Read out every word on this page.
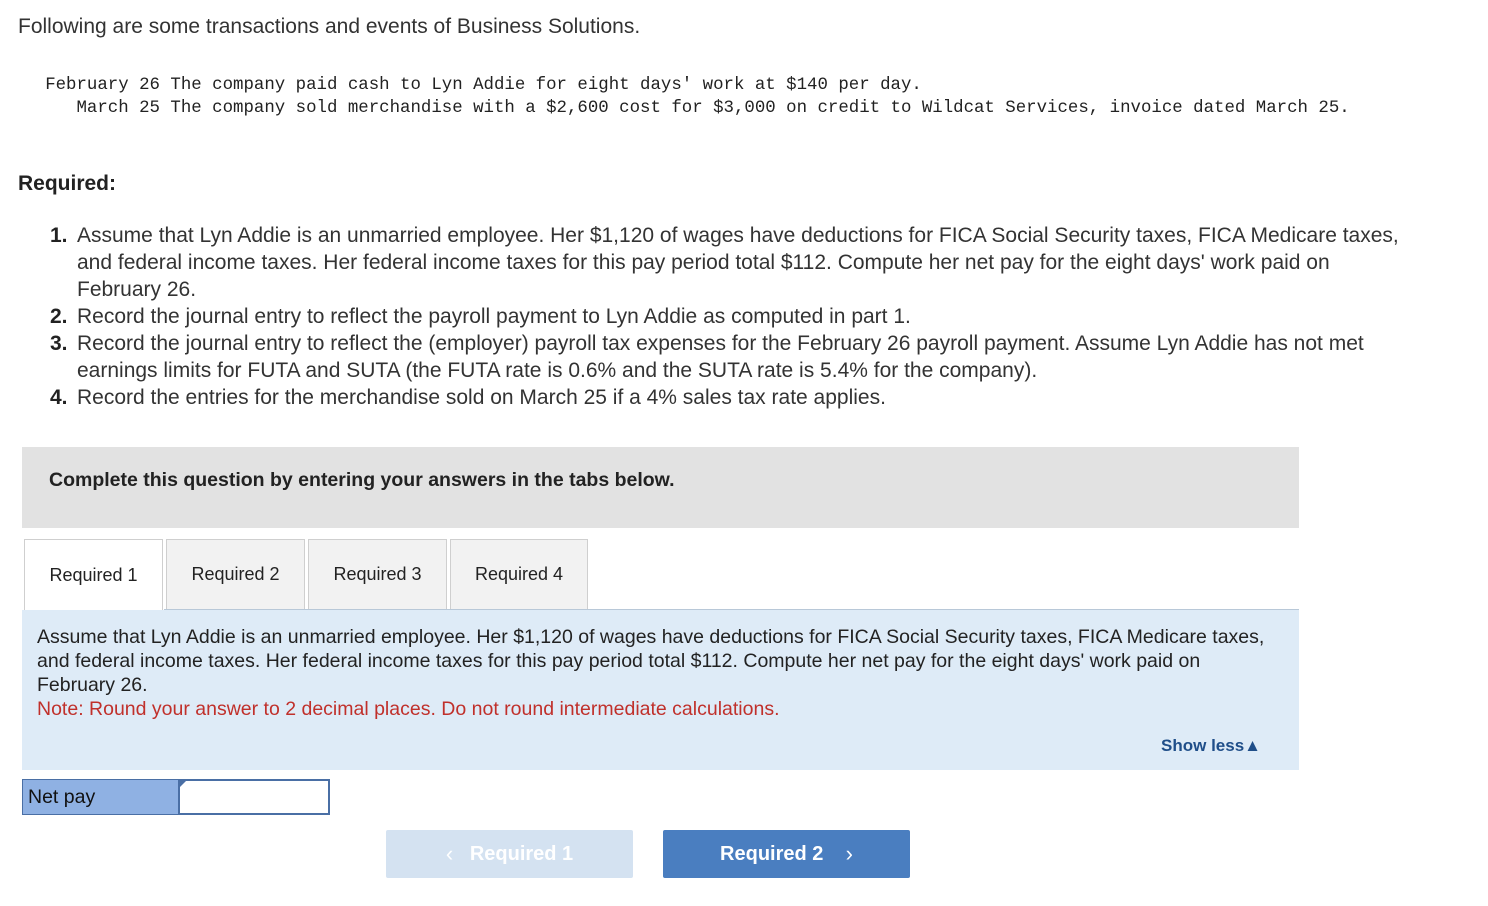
Following are some transactions and events of Business Solutions.
February 26 The company paid cash to Lyn Addie for eight days' work at $140 per day.
March 25 The company sold merchandise with a $2,600 cost for $3,000 on credit to Wildcat Services, invoice dated March 25.
Required:
1. Assume that Lyn Addie is an unmarried employee. Her $1,120 of wages have deductions for FICA Social Security taxes, FICA Medicare taxes, and federal income taxes. Her federal income taxes for this pay period total $112. Compute her net pay for the eight days' work paid on February 26.
2. Record the journal entry to reflect the payroll payment to Lyn Addie as computed in part 1.
3. Record the journal entry to reflect the (employer) payroll tax expenses for the February 26 payroll payment. Assume Lyn Addie has not met earnings limits for FUTA and SUTA (the FUTA rate is 0.6% and the SUTA rate is 5.4% for the company).
4. Record the entries for the merchandise sold on March 25 if a 4% sales tax rate applies.
Complete this question by entering your answers in the tabs below.
Required 1	Required 2	Required 3	Required 4
Assume that Lyn Addie is an unmarried employee. Her $1,120 of wages have deductions for FICA Social Security taxes, FICA Medicare taxes, and federal income taxes. Her federal income taxes for this pay period total $112. Compute her net pay for the eight days' work paid on February 26.
Note: Round your answer to 2 decimal places. Do not round intermediate calculations.
Show less▲
Net pay
‹
Required 1	Required 2
›
